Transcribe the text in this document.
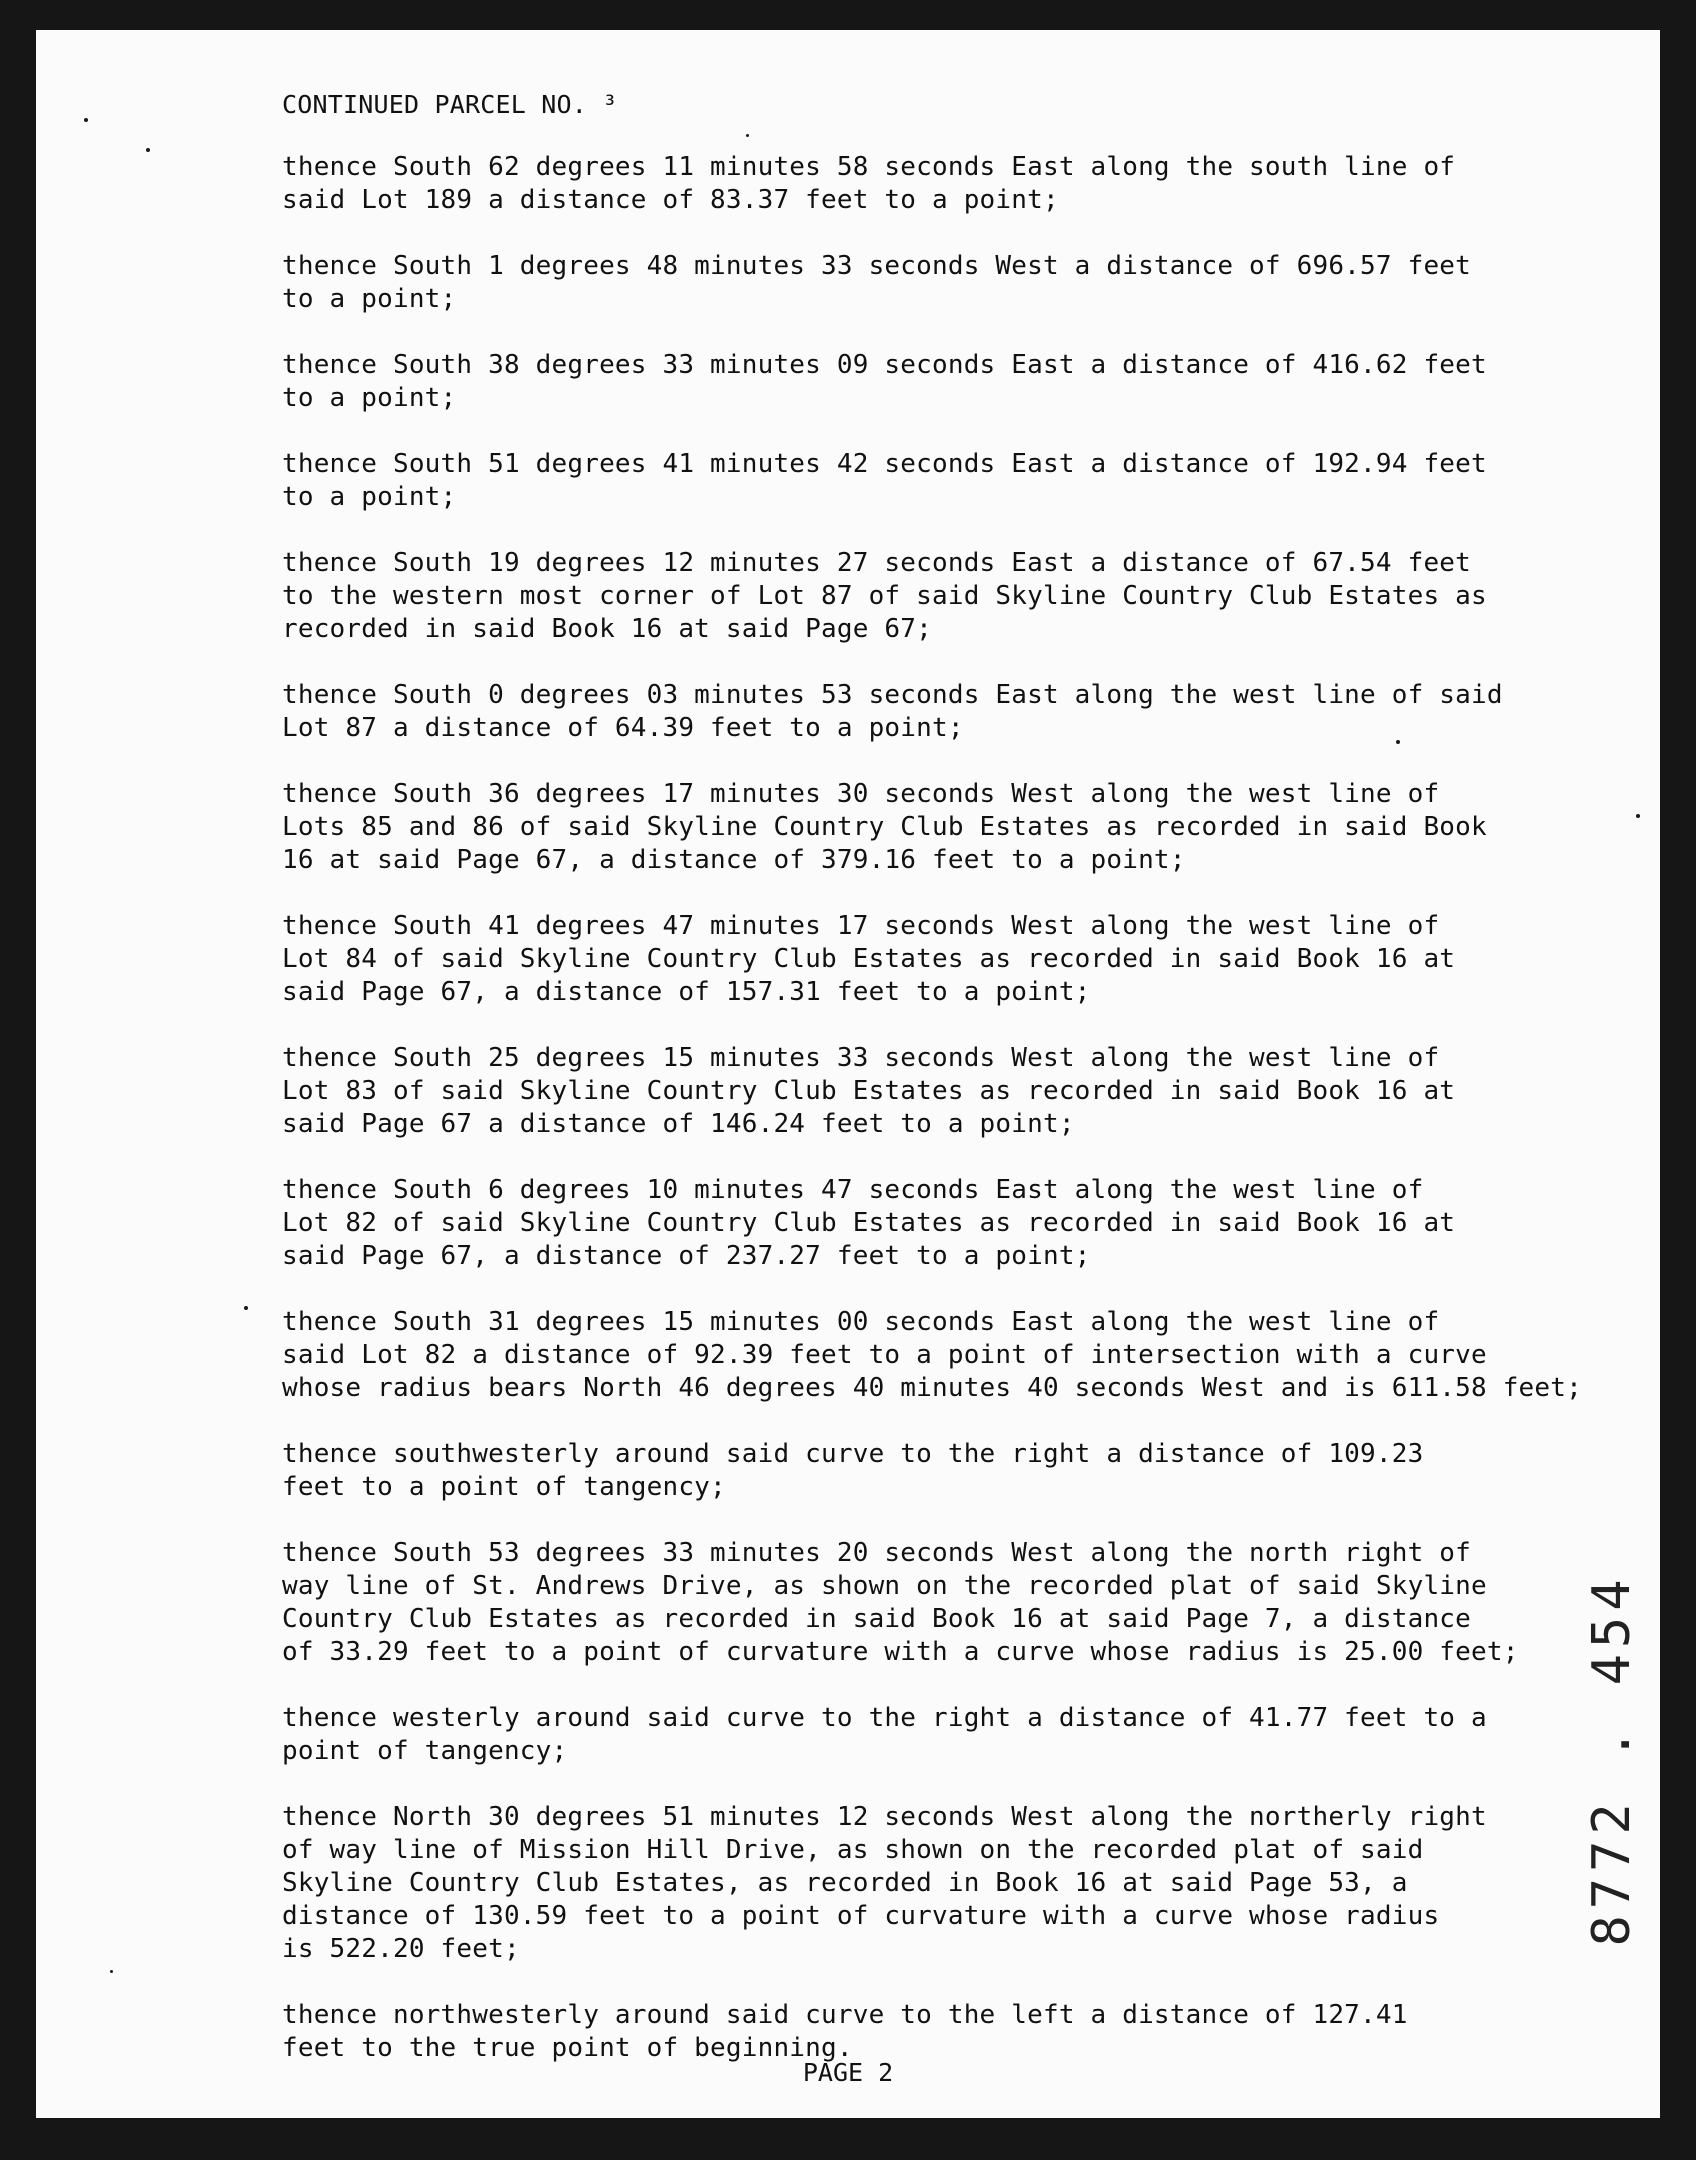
CONTINUED PARCEL NO. ³
thence South 62 degrees 11 minutes 58 seconds East along the south line of
said Lot 189 a distance of 83.37 feet to a point;
thence South 1 degrees 48 minutes 33 seconds West a distance of 696.57 feet
to a point;
thence South 38 degrees 33 minutes 09 seconds East a distance of 416.62 feet
to a point;
thence South 51 degrees 41 minutes 42 seconds East a distance of 192.94 feet
to a point;
thence South 19 degrees 12 minutes 27 seconds East a distance of 67.54 feet
to the western most corner of Lot 87 of said Skyline Country Club Estates as
recorded in said Book 16 at said Page 67;
thence South 0 degrees 03 minutes 53 seconds East along the west line of said
Lot 87 a distance of 64.39 feet to a point;
thence South 36 degrees 17 minutes 30 seconds West along the west line of
Lots 85 and 86 of said Skyline Country Club Estates as recorded in said Book
16 at said Page 67, a distance of 379.16 feet to a point;
thence South 41 degrees 47 minutes 17 seconds West along the west line of
Lot 84 of said Skyline Country Club Estates as recorded in said Book 16 at
said Page 67, a distance of 157.31 feet to a point;
thence South 25 degrees 15 minutes 33 seconds West along the west line of
Lot 83 of said Skyline Country Club Estates as recorded in said Book 16 at
said Page 67 a distance of 146.24 feet to a point;
thence South 6 degrees 10 minutes 47 seconds East along the west line of
Lot 82 of said Skyline Country Club Estates as recorded in said Book 16 at
said Page 67, a distance of 237.27 feet to a point;
thence South 31 degrees 15 minutes 00 seconds East along the west line of
said Lot 82 a distance of 92.39 feet to a point of intersection with a curve
whose radius bears North 46 degrees 40 minutes 40 seconds West and is 611.58 feet;
thence southwesterly around said curve to the right a distance of 109.23
feet to a point of tangency;
thence South 53 degrees 33 minutes 20 seconds West along the north right of
way line of St. Andrews Drive, as shown on the recorded plat of said Skyline
Country Club Estates as recorded in said Book 16 at said Page 7, a distance
of 33.29 feet to a point of curvature with a curve whose radius is 25.00 feet;
thence westerly around said curve to the right a distance of 41.77 feet to a
point of tangency;
thence North 30 degrees 51 minutes 12 seconds West along the northerly right
of way line of Mission Hill Drive, as shown on the recorded plat of said
Skyline Country Club Estates, as recorded in Book 16 at said Page 53, a
distance of 130.59 feet to a point of curvature with a curve whose radius
is 522.20 feet;
thence northwesterly around said curve to the left a distance of 127.41
feet to the true point of beginning.
PAGE 2
8772 . 454
